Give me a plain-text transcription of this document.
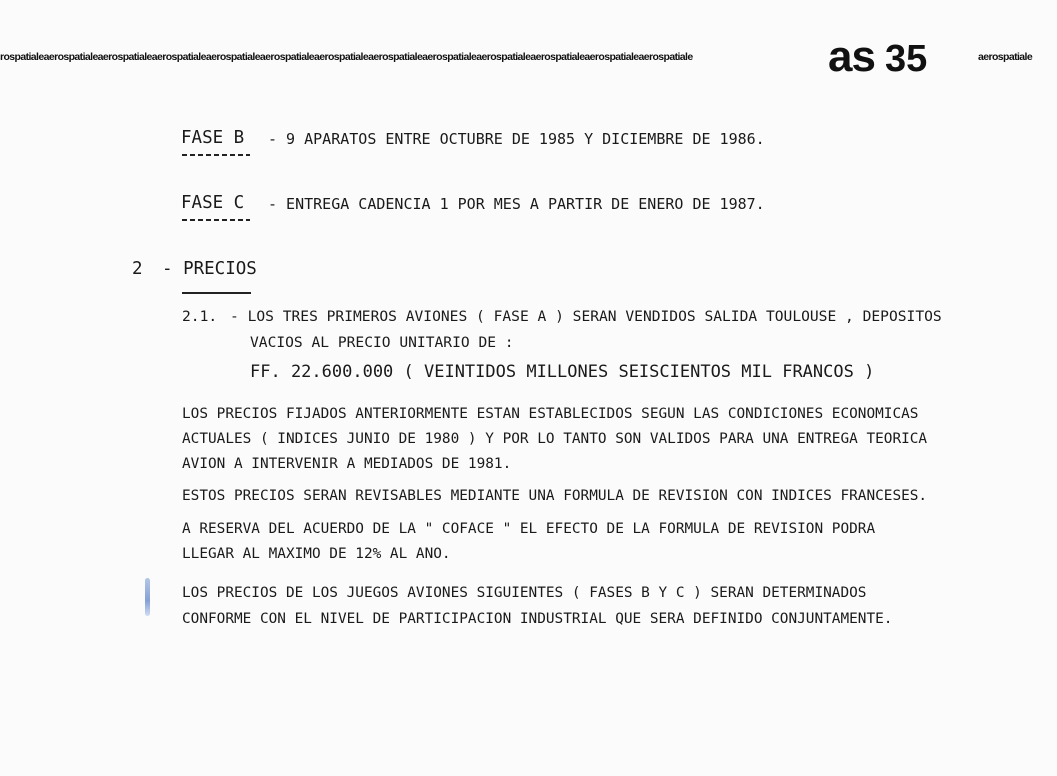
rospatialeaerospatialeaerospatialeaerospatialeaerospatialeaerospatialeaerospatialeaerospatialeaerospatialeaerospatialeaerospatialeaerospatialeaerospatiale	as 35	aerospatiale
FASE B - 9 APARATOS ENTRE OCTUBRE DE 1985 Y DICIEMBRE DE 1986.
FASE C - ENTREGA CADENCIA 1 POR MES A PARTIR DE ENERO DE 1987.
2 - PRECIOS
2.1. - LOS TRES PRIMEROS AVIONES ( FASE A ) SERAN VENDIDOS SALIDA TOULOUSE , DEPOSITOS
VACIOS AL PRECIO UNITARIO DE :
FF. 22.600.000 ( VEINTIDOS MILLONES SEISCIENTOS MIL FRANCOS )
LOS PRECIOS FIJADOS ANTERIORMENTE ESTAN ESTABLECIDOS SEGUN LAS CONDICIONES ECONOMICAS
ACTUALES ( INDICES JUNIO DE 1980 ) Y POR LO TANTO SON VALIDOS PARA UNA ENTREGA TEORICA
AVION A INTERVENIR A MEDIADOS DE 1981.
ESTOS PRECIOS SERAN REVISABLES MEDIANTE UNA FORMULA DE REVISION CON INDICES FRANCESES.
A RESERVA DEL ACUERDO DE LA " COFACE " EL EFECTO DE LA FORMULA DE REVISION PODRA
LLEGAR AL MAXIMO DE 12% AL ANO.
LOS PRECIOS DE LOS JUEGOS AVIONES SIGUIENTES ( FASES B Y C ) SERAN DETERMINADOS
CONFORME CON EL NIVEL DE PARTICIPACION INDUSTRIAL QUE SERA DEFINIDO CONJUNTAMENTE.
